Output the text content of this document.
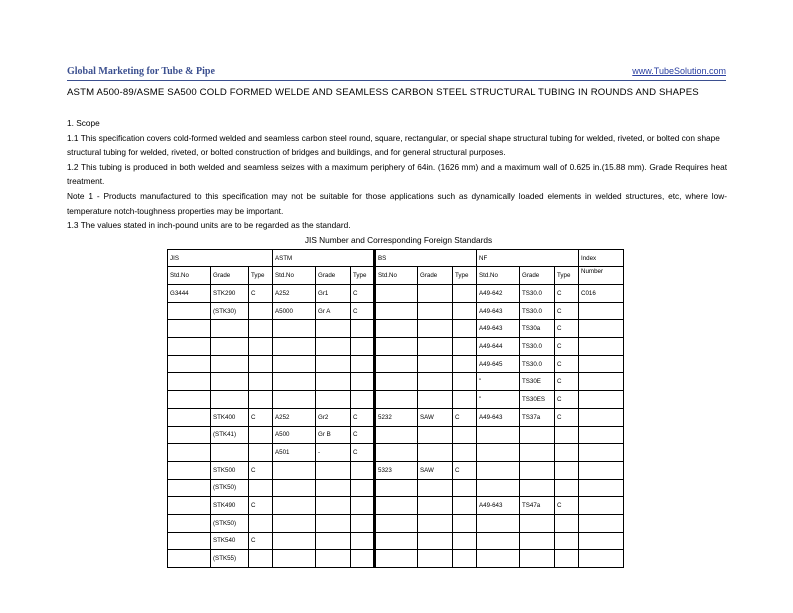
Global Marketing for Tube & Pipe	www.TubeSolution.com
ASTM A500-89/ASME SA500 COLD FORMED WELDE AND SEAMLESS CARBON STEEL STRUCTURAL TUBING IN ROUNDS AND SHAPES

1. Scope

1.1 This specification covers cold-formed welded and seamless carbon steel round, square, rectangular, or special shape structural tubing for welded, riveted, or bolted con shape structural tubing for welded, riveted, or bolted construction of bridges and buildings, and for general structural purposes.

1.2 This tubing is produced in both welded and seamless seizes with a maximum periphery of 64in. (1626 mm) and a maximum wall of 0.625 in.(15.88 mm). Grade Requires heat treatment.

Note 1 - Products manufactured to this specification may not be suitable for those applications such as dynamically loaded elements in welded structures, etc, where low-temperature notch-toughness properties may be important.

1.3 The values stated in inch-pound units are to be regarded as the standard.

JIS Number and Corresponding Foreign Standards
JIS			ASTM			BS			NF			Index
Std.No	Grade	Type	Std.No	Grade	Type	Std.No	Grade	Type	Std.No	Grade	Type	Number
G3444	STK290	C	A252	Gr1	C				A49-642	TS30.0	C	C016
	(STK30)		A5000	Gr A	C				A49-643	TS30.0	C	
									A49-643	TS30a	C	
									A49-644	TS30.0	C	
									A49-645	TS30.0	C	
									"	TS30E	C	
									"	TS30ES	C	
	STK400	C	A252	Gr2	C	5232	SAW	C	A49-643	TS37a	C	
	(STK41)		A500	Gr B	C							
			A501	-	C							
	STK500	C				5323	SAW	C				
	(STK50)											
	STK490	C							A49-643	TS47a	C	
	(STK50)											
	STK540	C										
	(STK55)											
